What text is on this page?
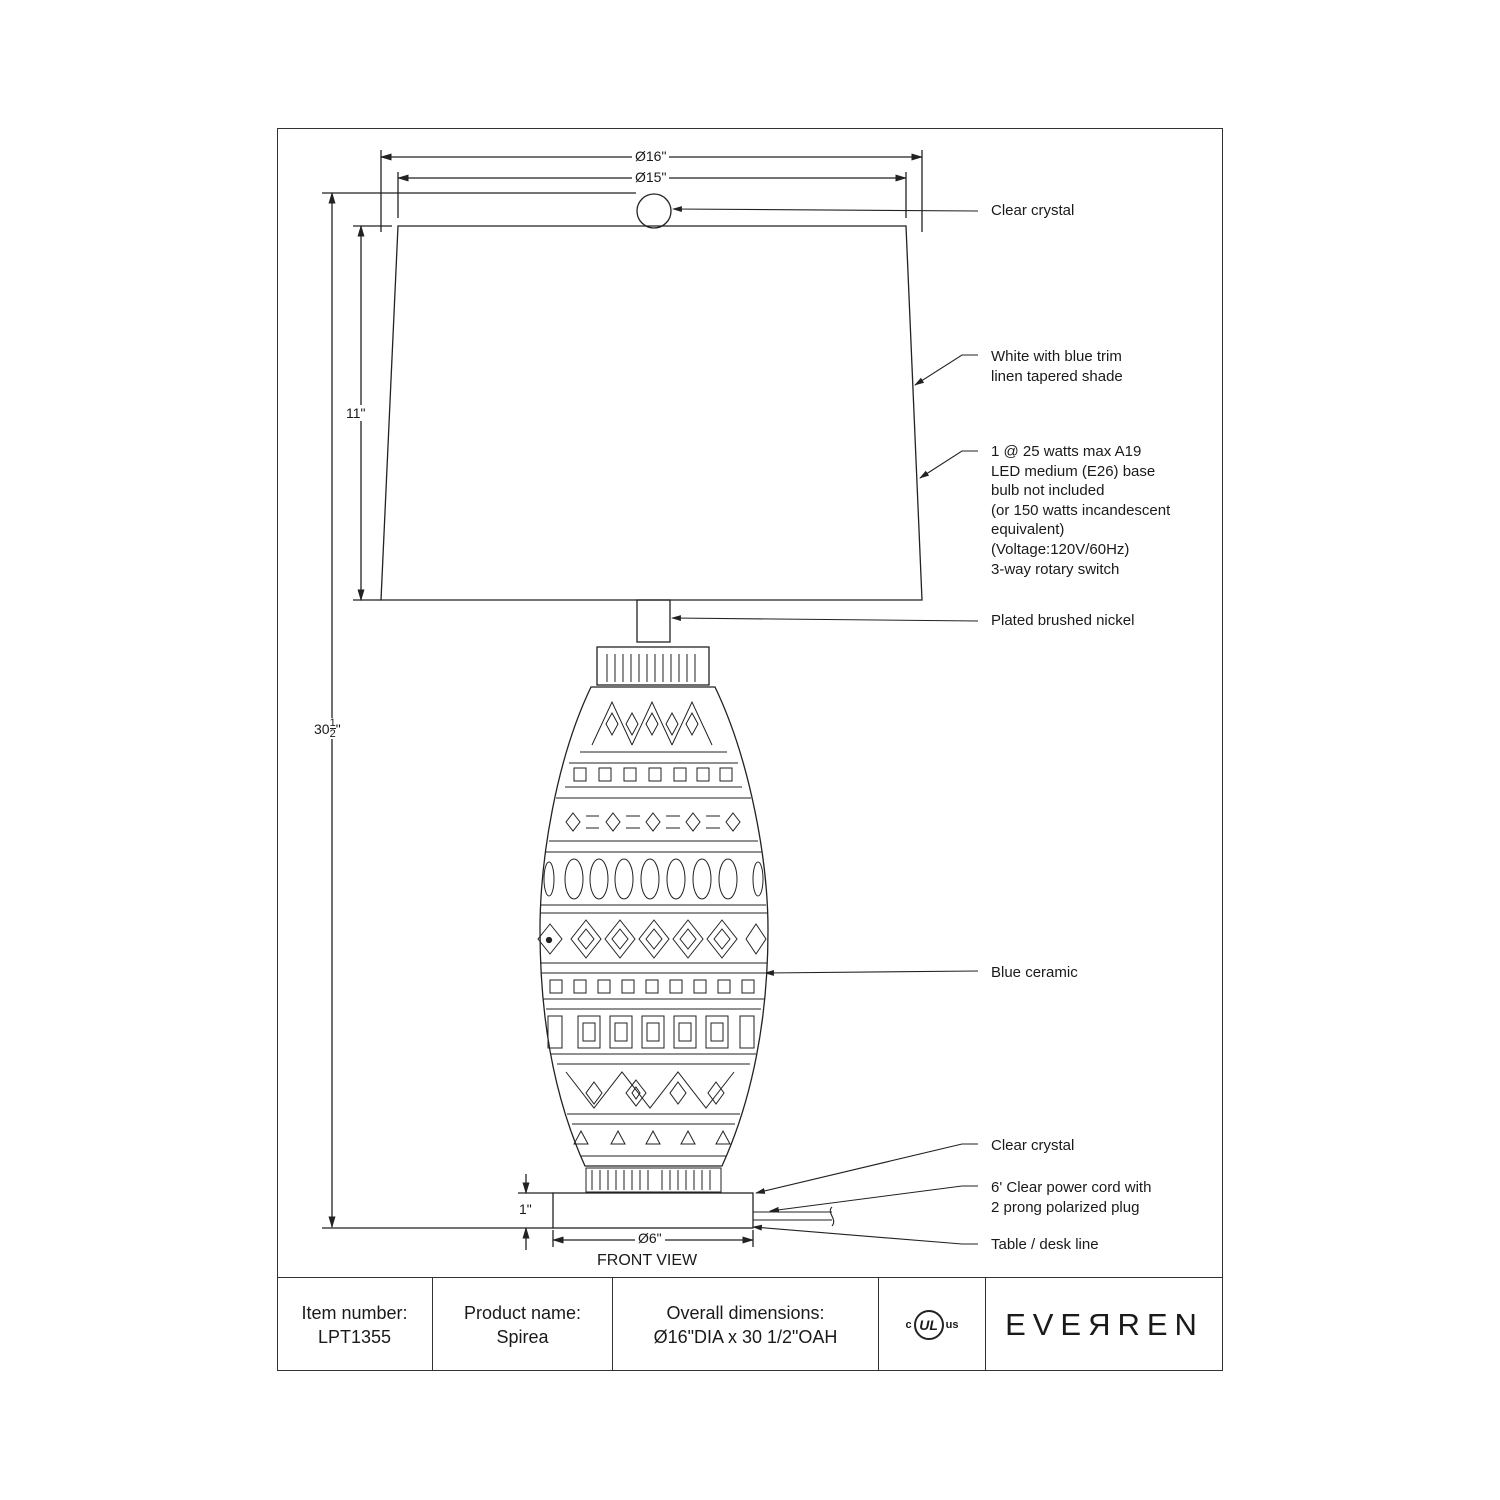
Ø16"
Ø15"
11"
$30 \frac{1}{2}$ "
1"
Ø6"
FRONT VIEW
Clear crystal
White with blue trim
linen tapered shade
1 @ 25 watts max A19
LED medium (E26) base
bulb not included
(or 150 watts incandescent
equivalent)
(Voltage:120V/60Hz)
3-way rotary switch
Plated brushed nickel
Blue ceramic
Clear crystal
6' Clear power cord with
2 prong polarized plug
Table / desk line
Item number:
LPT1355
Product name:
Spirea
Overall dimensions:
Ø16"DIA x 30 1/2"OAH
c UL us EVEЯREN
